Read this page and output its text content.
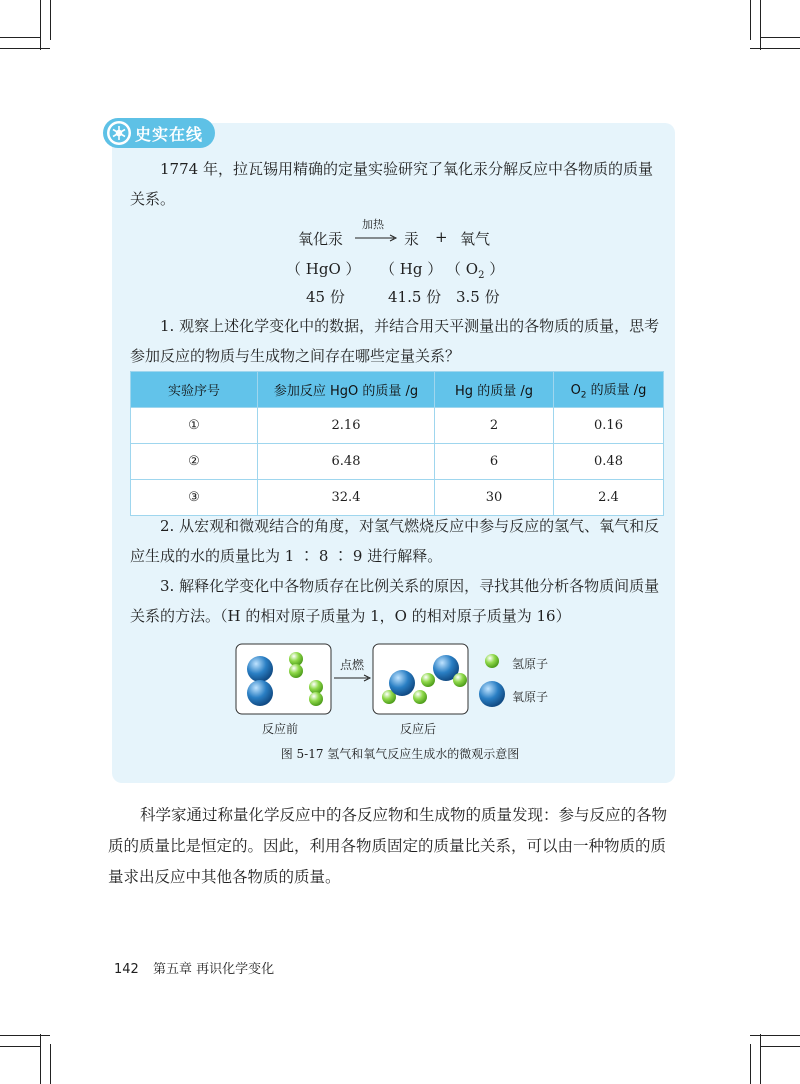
史实在线
1774 年，拉瓦锡用精确的定量实验研究了氧化汞分解反应中各物质的质量关系。
氧化汞
加热
→ 汞 + 氧气
（ HgO ） （ Hg ） （ $O_2$ ）
45 份	41.5 份 3.5 份
1. 观察上述化学变化中的数据，并结合用天平测量出的各物质的质量，思考参加反应的物质与生成物之间存在哪些定量关系？
实验序号	参加反应 HgO 的质量 /g	Hg 的质量 /g	$O_2$ 的质量 /g
①	2.16	2	0.16
②	6.48	6	0.48
③	32.4	30	2.4
2. 从宏观和微观结合的角度，对氢气燃烧反应中参与反应的氢气、氧气和反应生成的水的质量比为 1 ∶ 8 ∶ 9 进行解释。
3. 解释化学变化中各物质存在比例关系的原因，寻找其他分析各物质间质量关系的方法。（H 的相对原子质量为 1，O 的相对原子质量为 16）
点燃	氢原子
氧原子
反应前	反应后
图 5-17 氢气和氧气反应生成水的微观示意图
科学家通过称量化学反应中的各反应物和生成物的质量发现：参与反应的各物质的质量比是恒定的。因此，利用各物质固定的质量比关系，可以由一种物质的质量求出反应中其他各物质的质量。
142 第五章 再识化学变化
